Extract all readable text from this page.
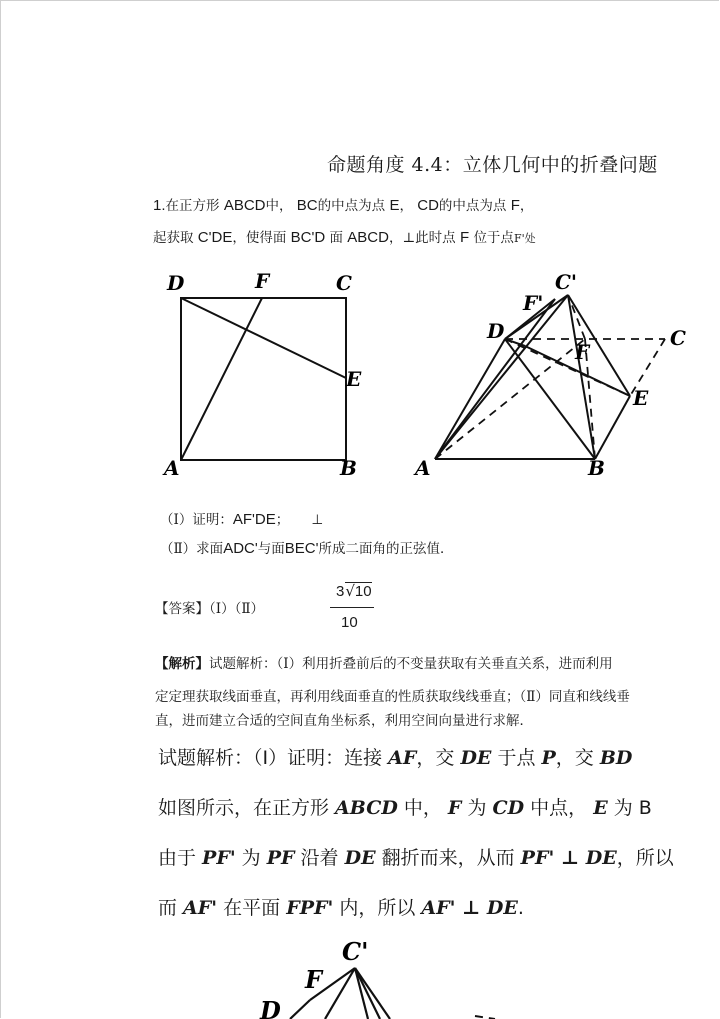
命题角度 4.4：立体几何中的折叠问题
1.在正方形 ABCD中， BC的中点为点 E， CD的中点为点 F，
起获取 C'DE，使得面 BC'D 面 ABCD，⊥此时点 F 位于点F'处
D	F	C
E
A	B
C'
F'
D	C
F
E
A	B
（Ⅰ）证明：AF'DE； ⊥
（Ⅱ）求面ADC'与面BEC'所成二面角的正弦值．
【答案】（Ⅰ）（Ⅱ）
3√10
10
【解析】试题解析：（Ⅰ）利用折叠前后的不变量获取有关垂直关系，进而利用
定定理获取线面垂直，再利用线面垂直的性质获取线线垂直；（Ⅱ）同直和线线垂
直，进而建立合适的空间直角坐标系，利用空间向量进行求解．
试题解析：（Ⅰ）证明：连接 AF，交 DE 于点 P，交 BD
如图所示，在正方形 ABCD 中， F 为 CD 中点， E 为 B
由于 PF' 为 PF 沿着 DE 翻折而来，从而 PF' ⊥ DE，所以
而 AF' 在平面 FPF' 内，所以 AF' ⊥ DE.
C'
F
D
